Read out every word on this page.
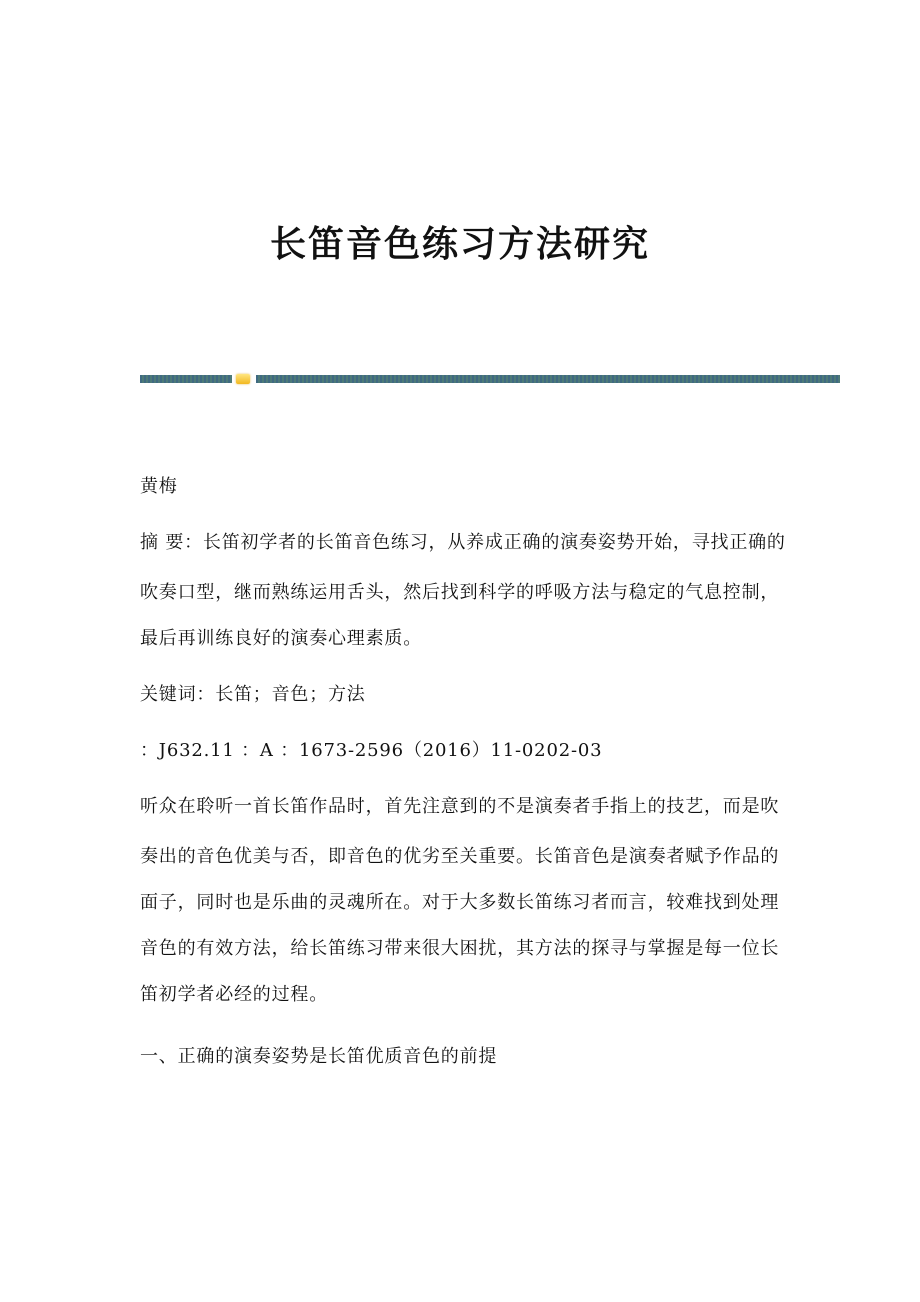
长笛音色练习方法研究
黄梅
摘 要：长笛初学者的长笛音色练习，从养成正确的演奏姿势开始，寻找正确的
吹奏口型，继而熟练运用舌头，然后找到科学的呼吸方法与稳定的气息控制，
最后再训练良好的演奏心理素质。
关键词：长笛；音色；方法
：J632.11 ：A ：1673-2596（2016）11-0202-03
听众在聆听一首长笛作品时，首先注意到的不是演奏者手指上的技艺，而是吹
奏出的音色优美与否，即音色的优劣至关重要。长笛音色是演奏者赋予作品的
面子，同时也是乐曲的灵魂所在。对于大多数长笛练习者而言，较难找到处理
音色的有效方法，给长笛练习带来很大困扰，其方法的探寻与掌握是每一位长
笛初学者必经的过程。
一、正确的演奏姿势是长笛优质音色的前提
